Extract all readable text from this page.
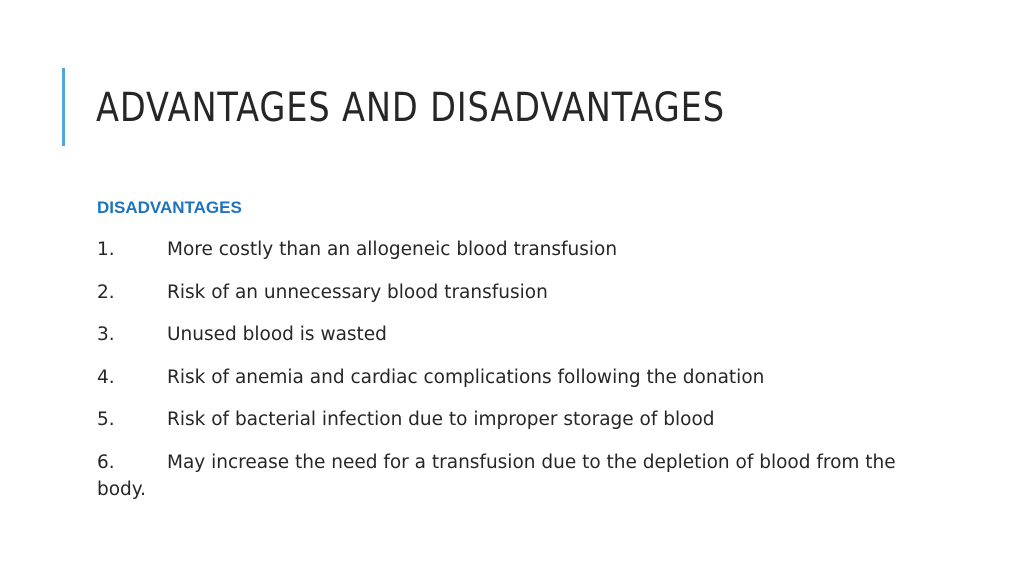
ADVANTAGES AND DISADVANTAGES
DISADVANTAGES
1.	More costly than an allogeneic blood transfusion
2.	Risk of an unnecessary blood transfusion
3.	Unused blood is wasted
4.	Risk of anemia and cardiac complications following the donation
5.	Risk of bacterial infection due to improper storage of blood
6.	May increase the need for a transfusion due to the depletion of blood from the body.
